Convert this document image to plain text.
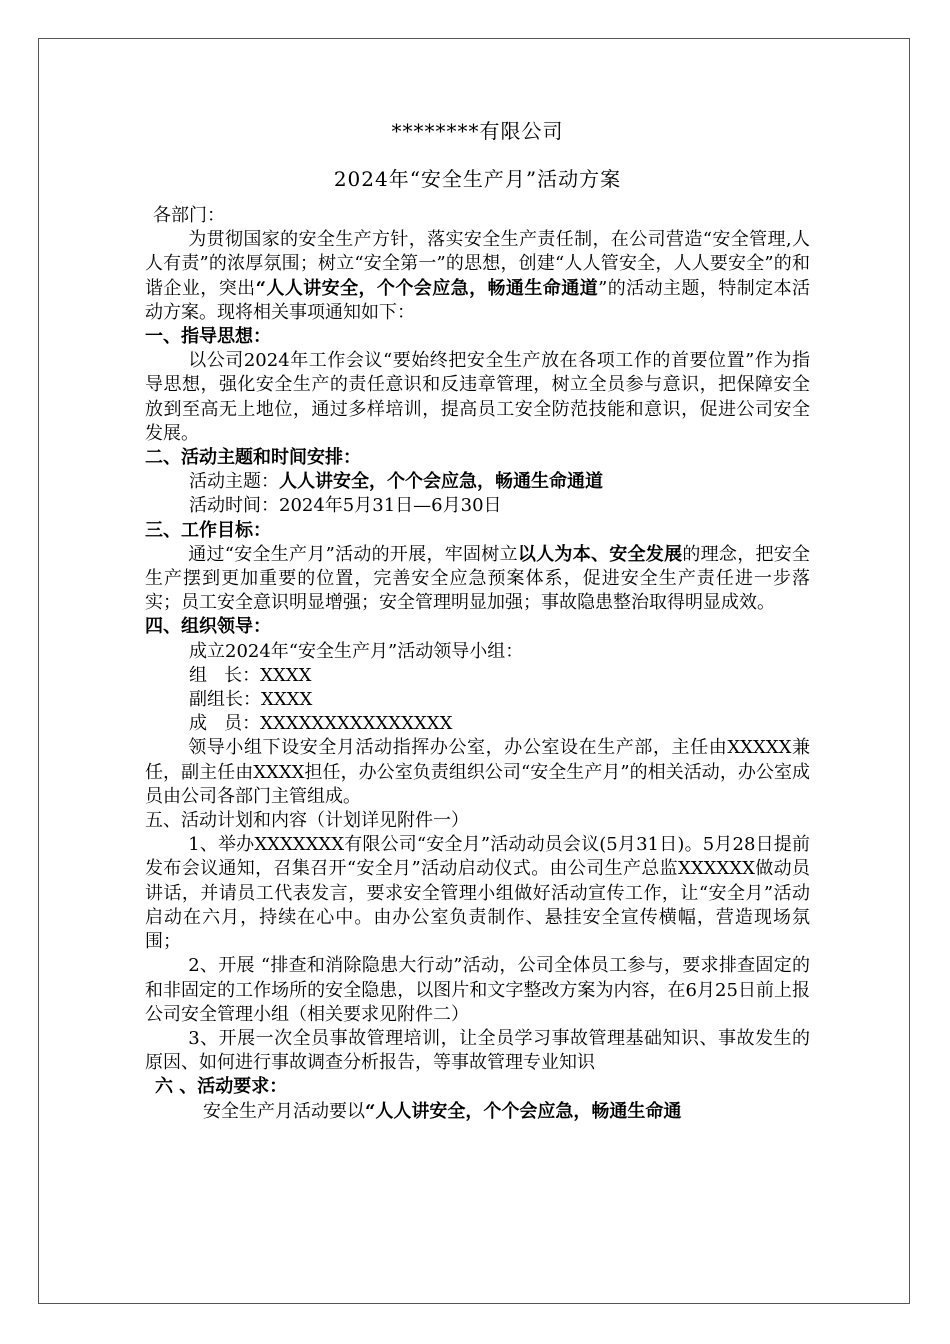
********有限公司
2024年“安全生产月”活动方案

各部门：

为贯彻国家的安全生产方针，落实安全生产责任制，在公司营造“安全管理,人人有责”的浓厚氛围；树立“安全第一”的思想，创建“人人管安全，人人要安全”的和谐企业，突出“人人讲安全，个个会应急，畅通生命通道”的活动主题，特制定本活动方案。现将相关事项通知如下：

一、指导思想：

以公司2024年工作会议“要始终把安全生产放在各项工作的首要位置”作为指导思想，强化安全生产的责任意识和反违章管理，树立全员参与意识，把保障安全放到至高无上地位，通过多样培训，提高员工安全防范技能和意识，促进公司安全发展。

二、活动主题和时间安排：

活动主题：人人讲安全，个个会应急，畅通生命通道

活动时间：2024年5月31日—6月30日

三、工作目标：

通过“安全生产月”活动的开展，牢固树立以人为本、安全发展的理念，把安全生产摆到更加重要的位置，完善安全应急预案体系，促进安全生产责任进一步落实；员工安全意识明显增强；安全管理明显加强；事故隐患整治取得明显成效。

四、组织领导：

成立2024年“安全生产月”活动领导小组：

组   长：XXXX

副组长：XXXX

成   员：XXXXXXXXXXXXXXX

领导小组下设安全月活动指挥办公室，办公室设在生产部，主任由XXXXX兼任，副主任由XXXX担任，办公室负责组织公司“安全生产月”的相关活动，办公室成员由公司各部门主管组成。

五、活动计划和内容（计划详见附件一）

1、举办XXXXXXX有限公司“安全月”活动动员会议(5月31日)。5月28日提前发布会议通知，召集召开“安全月”活动启动仪式。由公司生产总监XXXXXX做动员讲话，并请员工代表发言，要求安全管理小组做好活动宣传工作，让“安全月”活动启动在六月，持续在心中。由办公室负责制作、悬挂安全宣传横幅，营造现场氛围；

2、开展 “排查和消除隐患大行动”活动，公司全体员工参与，要求排查固定的和非固定的工作场所的安全隐患，以图片和文字整改方案为内容，在6月25日前上报公司安全管理小组（相关要求见附件二）

3、开展一次全员事故管理培训，让全员学习事故管理基础知识、事故发生的原因、如何进行事故调查分析报告，等事故管理专业知识

六 、活动要求：

安全生产月活动要以“人人讲安全，个个会应急，畅通生命通
